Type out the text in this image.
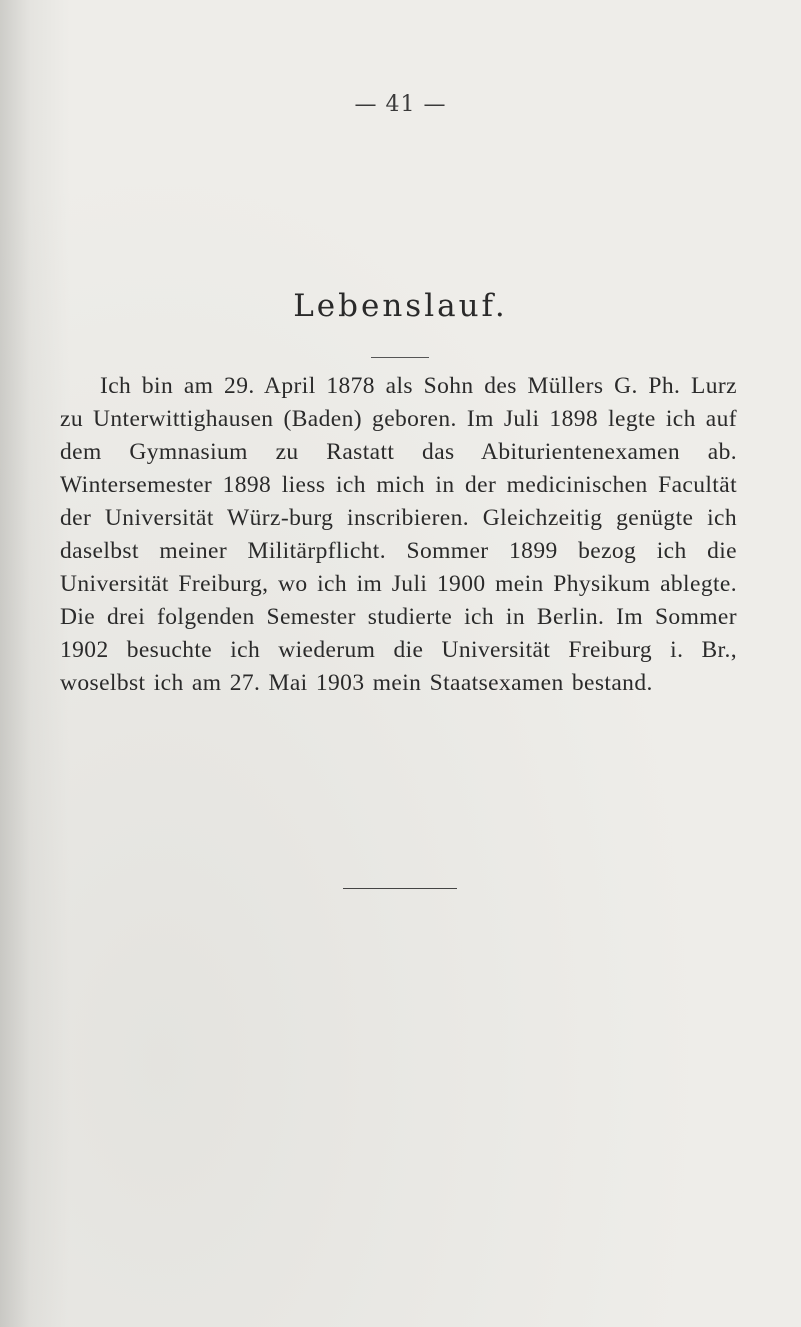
— 41 —
Lebenslauf.
Ich bin am 29. April 1878 als Sohn des Müllers G. Ph. Lurz zu Unterwittighausen (Baden) geboren. Im Juli 1898 legte ich auf dem Gymnasium zu Rastatt das Abiturientenexamen ab. Wintersemester 1898 liess ich mich in der medicinischen Facultät der Universität Würz-burg inscribieren. Gleichzeitig genügte ich daselbst meiner Militärpflicht. Sommer 1899 bezog ich die Universität Freiburg, wo ich im Juli 1900 mein Physikum ablegte. Die drei folgenden Semester studierte ich in Berlin. Im Sommer 1902 besuchte ich wiederum die Universität Freiburg i. Br., woselbst ich am 27. Mai 1903 mein Staatsexamen bestand.
